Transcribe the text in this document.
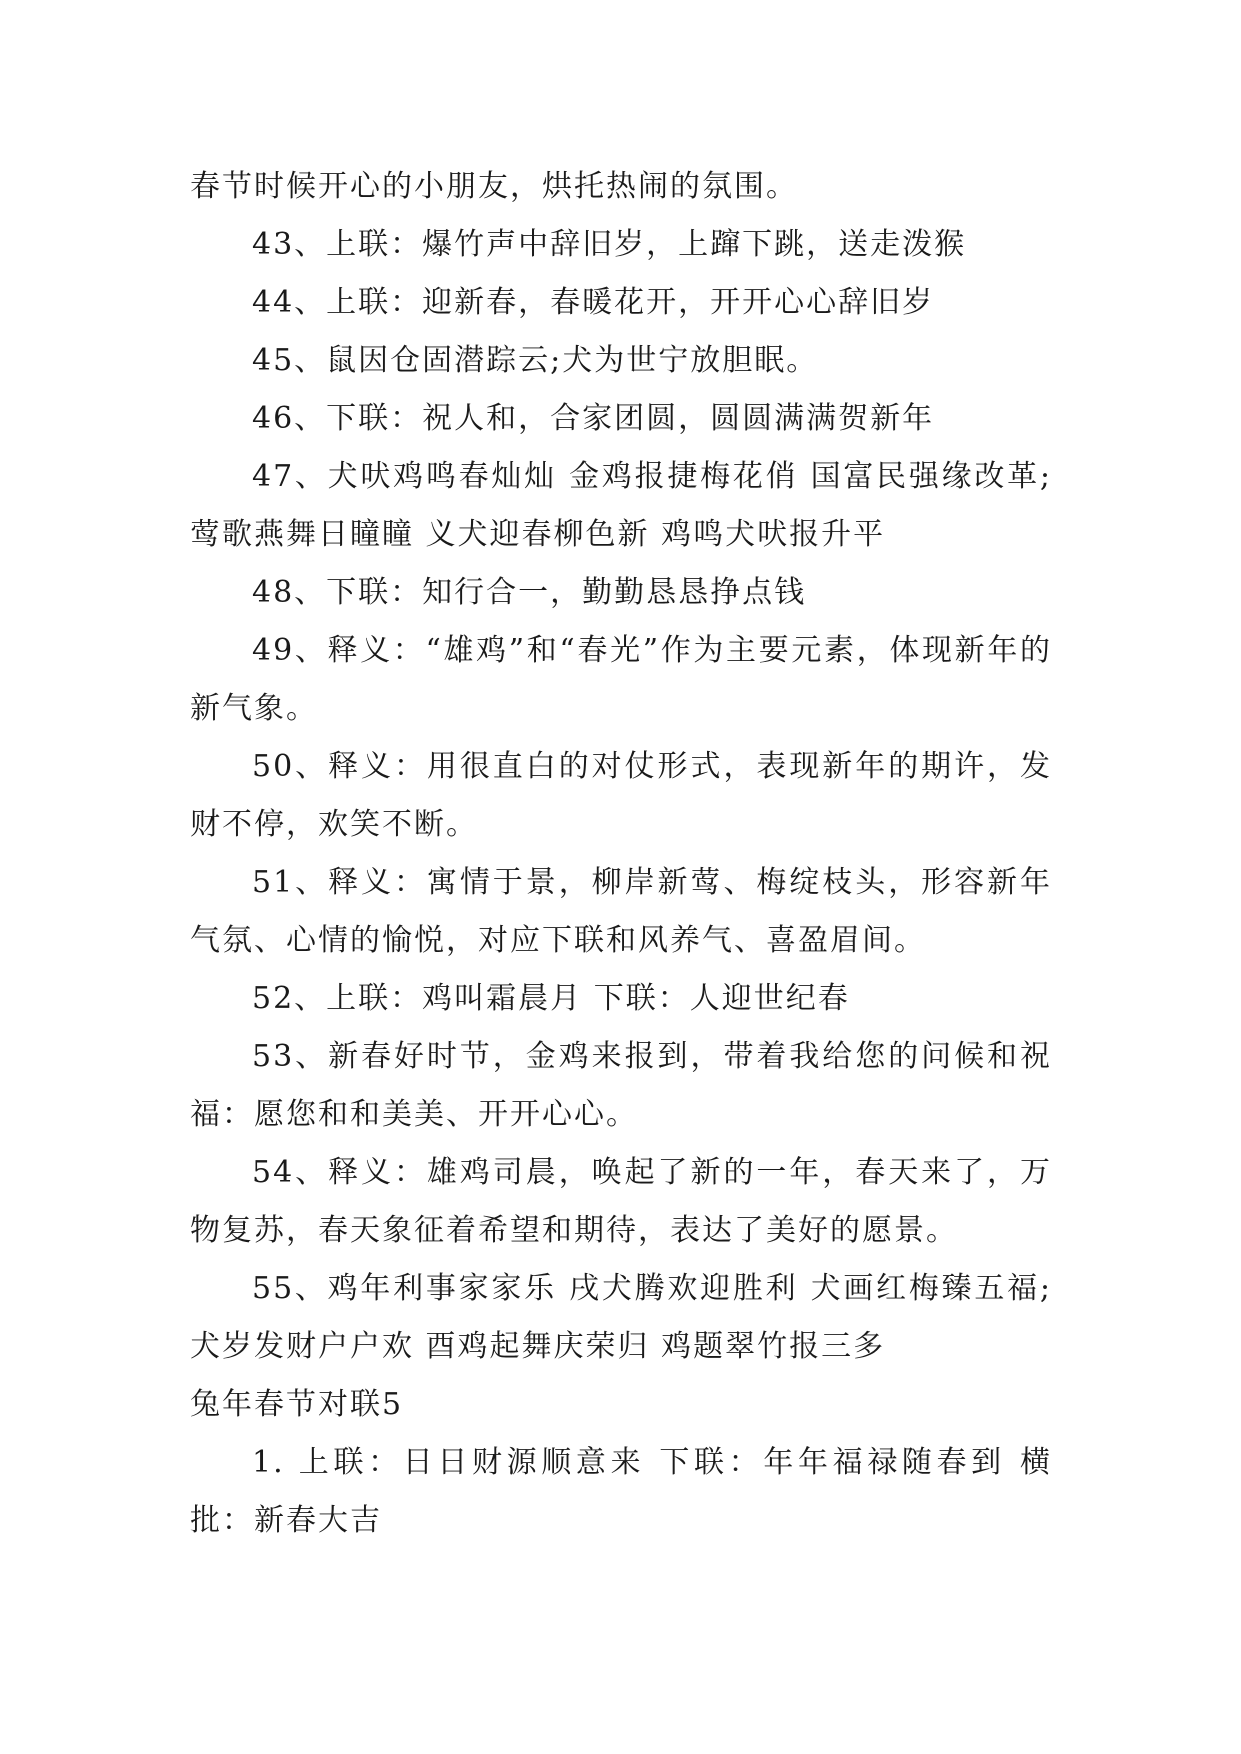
春节时候开心的小朋友，烘托热闹的氛围。

43、上联：爆竹声中辞旧岁，上蹿下跳，送走泼猴

44、上联：迎新春，春暖花开，开开心心辞旧岁

45、鼠因仓固潜踪云;犬为世宁放胆眠。

46、下联：祝人和，合家团圆，圆圆满满贺新年

47、犬吠鸡鸣春灿灿 金鸡报捷梅花俏 国富民强缘改革;莺歌燕舞日瞳瞳 义犬迎春柳色新 鸡鸣犬吠报升平

48、下联：知行合一，勤勤恳恳挣点钱

49、释义：“雄鸡”和“春光”作为主要元素，体现新年的新气象。

50、释义：用很直白的对仗形式，表现新年的期许，发财不停，欢笑不断。

51、释义：寓情于景，柳岸新莺、梅绽枝头，形容新年气氛、心情的愉悦，对应下联和风养气、喜盈眉间。

52、上联：鸡叫霜晨月 下联：人迎世纪春

53、新春好时节，金鸡来报到，带着我给您的问候和祝福：愿您和和美美、开开心心。

54、释义：雄鸡司晨，唤起了新的一年，春天来了，万物复苏，春天象征着希望和期待，表达了美好的愿景。

55、鸡年利事家家乐 戌犬腾欢迎胜利 犬画红梅臻五福;犬岁发财户户欢 酉鸡起舞庆荣归 鸡题翠竹报三多

兔年春节对联5

1. 上联：日日财源顺意来 下联：年年福禄随春到 横批：新春大吉
